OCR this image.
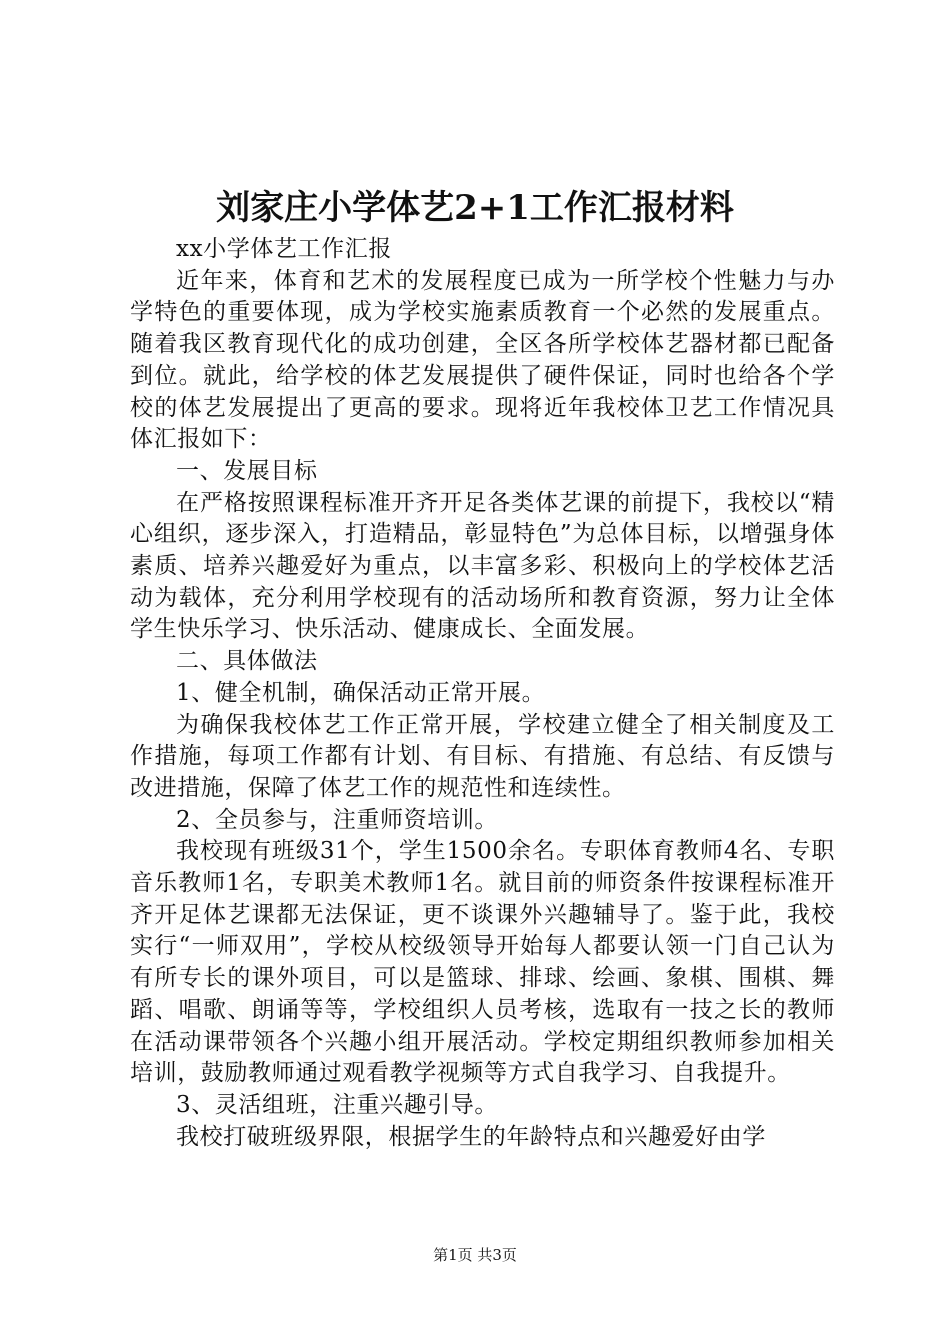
刘家庄小学体艺2+1工作汇报材料

xx小学体艺工作汇报

近年来，体育和艺术的发展程度已成为一所学校个性魅力与办学特色的重要体现，成为学校实施素质教育一个必然的发展重点。随着我区教育现代化的成功创建，全区各所学校体艺器材都已配备到位。就此，给学校的体艺发展提供了硬件保证，同时也给各个学校的体艺发展提出了更高的要求。现将近年我校体卫艺工作情况具体汇报如下：

一、发展目标

在严格按照课程标准开齐开足各类体艺课的前提下，我校以“精心组织，逐步深入，打造精品，彰显特色”为总体目标，以增强身体素质、培养兴趣爱好为重点，以丰富多彩、积极向上的学校体艺活动为载体，充分利用学校现有的活动场所和教育资源，努力让全体学生快乐学习、快乐活动、健康成长、全面发展。

二、具体做法

1、健全机制，确保活动正常开展。

为确保我校体艺工作正常开展，学校建立健全了相关制度及工作措施，每项工作都有计划、有目标、有措施、有总结、有反馈与改进措施，保障了体艺工作的规范性和连续性。

2、全员参与，注重师资培训。

我校现有班级31个，学生1500余名。专职体育教师4名、专职音乐教师1名，专职美术教师1名。就目前的师资条件按课程标准开齐开足体艺课都无法保证，更不谈课外兴趣辅导了。鉴于此，我校实行“一师双用”，学校从校级领导开始每人都要认领一门自己认为有所专长的课外项目，可以是篮球、排球、绘画、象棋、围棋、舞蹈、唱歌、朗诵等等，学校组织人员考核，选取有一技之长的教师在活动课带领各个兴趣小组开展活动。学校定期组织教师参加相关培训，鼓励教师通过观看教学视频等方式自我学习、自我提升。

3、灵活组班，注重兴趣引导。

我校打破班级界限，根据学生的年龄特点和兴趣爱好由学

第1页 共3页
